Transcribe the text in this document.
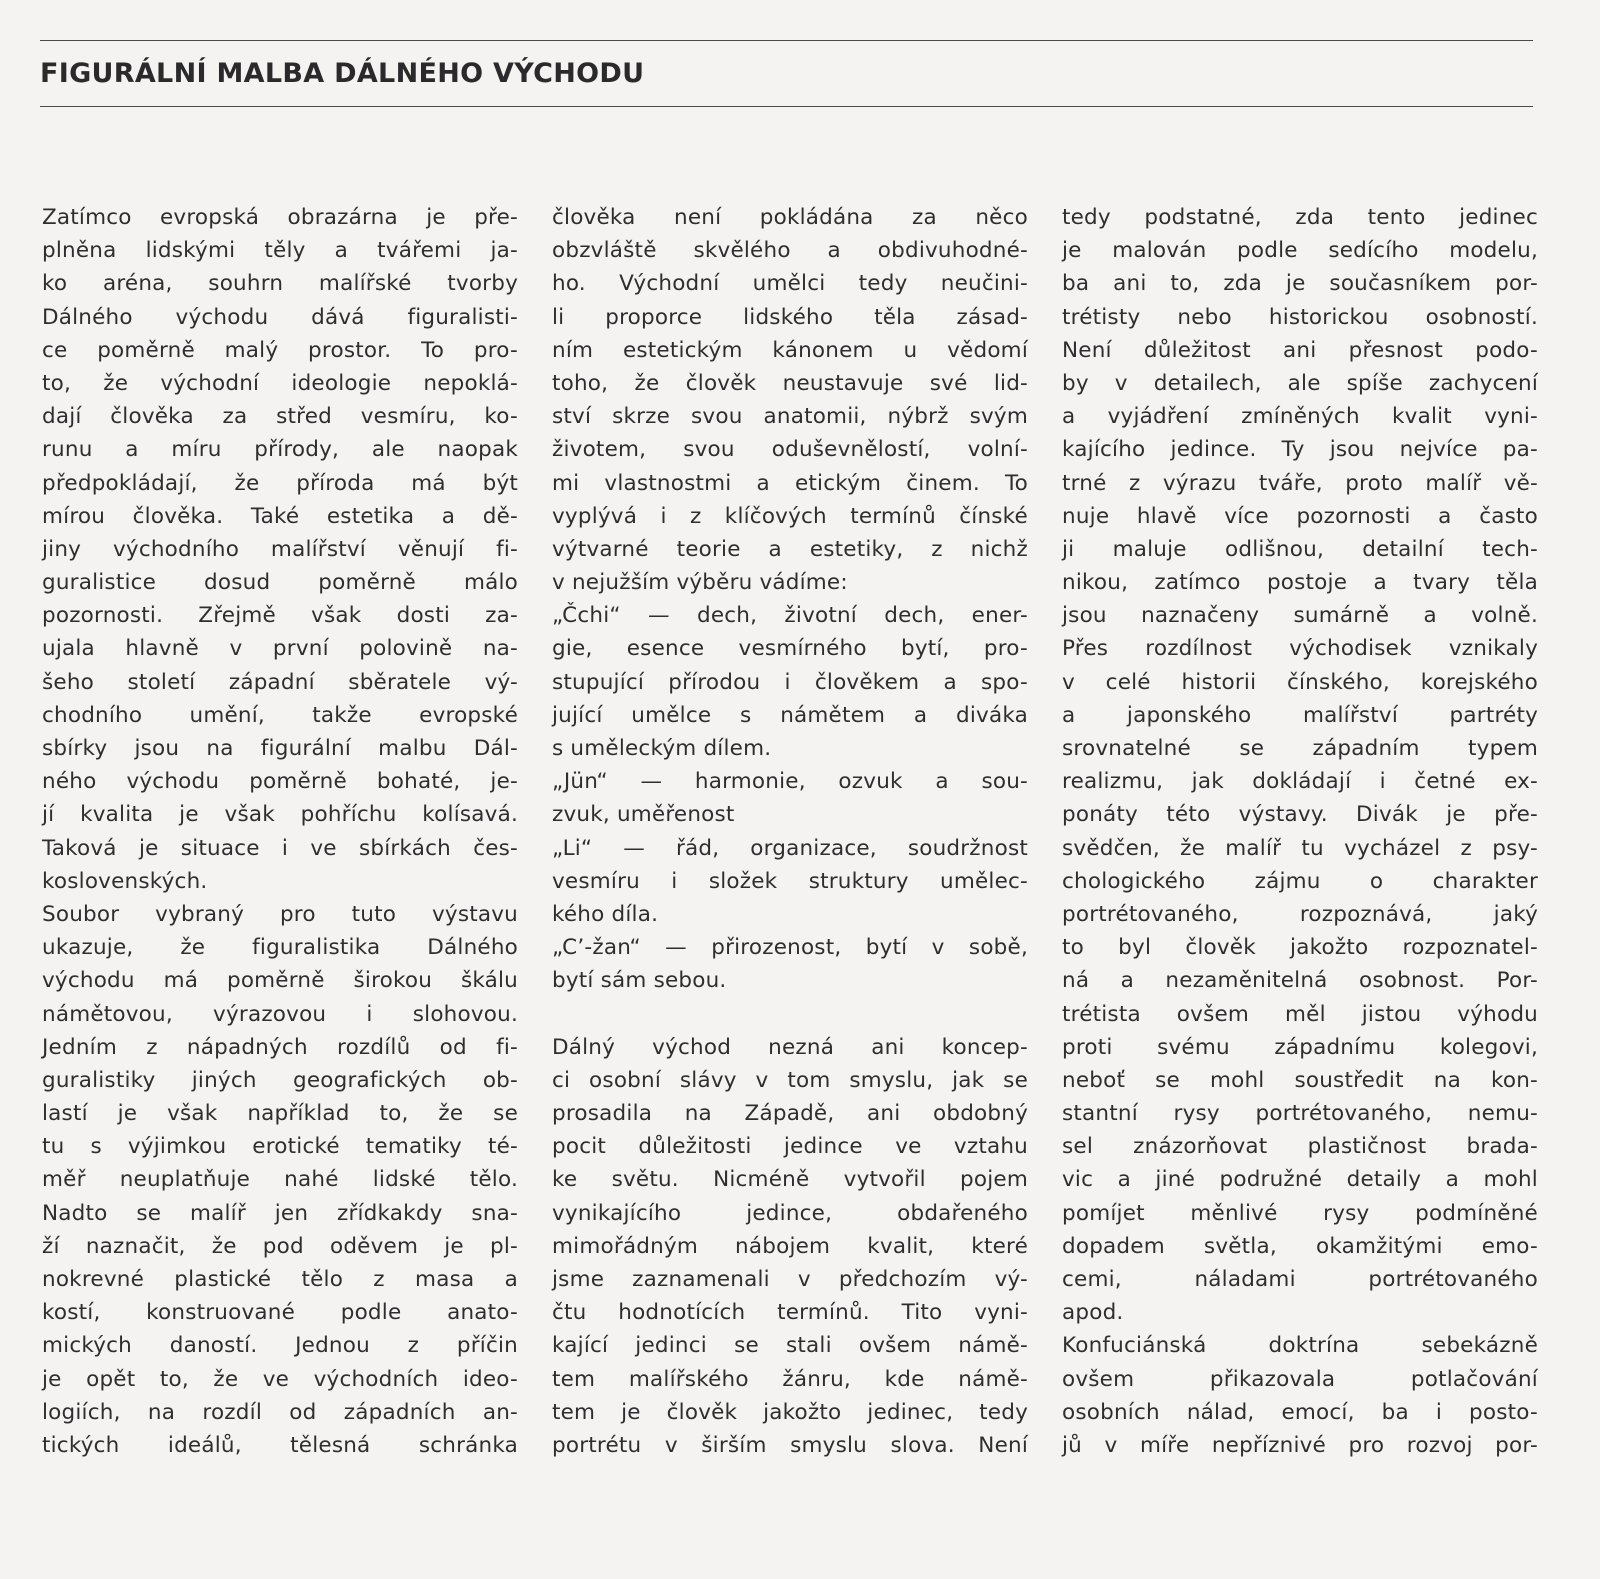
FIGURÁLNÍ MALBA DÁLNÉHO VÝCHODU
Zatímco evropská obrazárna je pře-
plněna lidskými těly a tvářemi ja-
ko aréna, souhrn malířské tvorby
Dálného východu dává figuralisti-
ce poměrně malý prostor. To pro-
to, že východní ideologie nepoklá-
dají člověka za střed vesmíru, ko-
runu a míru přírody, ale naopak
předpokládají, že příroda má být
mírou člověka. Také estetika a dě-
jiny východního malířství věnují fi-
guralistice dosud poměrně málo
pozornosti. Zřejmě však dosti za-
ujala hlavně v první polovině na-
šeho století západní sběratele vý-
chodního umění, takže evropské
sbírky jsou na figurální malbu Dál-
ného východu poměrně bohaté, je-
jí kvalita je však pohříchu kolísavá.
Taková je situace i ve sbírkách čes-
koslovenských.
Soubor vybraný pro tuto výstavu
ukazuje, že figuralistika Dálného
východu má poměrně širokou škálu
námětovou, výrazovou i slohovou.
Jedním z nápadných rozdílů od fi-
guralistiky jiných geografických ob-
lastí je však například to, že se
tu s výjimkou erotické tematiky té-
měř neuplatňuje nahé lidské tělo.
Nadto se malíř jen zřídkakdy sna-
ží naznačit, že pod oděvem je pl-
nokrevné plastické tělo z masa a
kostí, konstruované podle anato-
mických daností. Jednou z příčin
je opět to, že ve východních ideo-
logiích, na rozdíl od západních an-
tických ideálů, tělesná schránka
člověka není pokládána za něco
obzvláště skvělého a obdivuhodné-
ho. Východní umělci tedy neučini-
li proporce lidského těla zásad-
ním estetickým kánonem u vědomí
toho, že člověk neustavuje své lid-
ství skrze svou anatomii, nýbrž svým
životem, svou oduševnělostí, volní-
mi vlastnostmi a etickým činem. To
vyplývá i z klíčových termínů čínské
výtvarné teorie a estetiky, z nichž
v nejužším výběru vádíme:
„Čchi“ — dech, životní dech, ener-
gie, esence vesmírného bytí, pro-
stupující přírodou i člověkem a spo-
jující umělce s námětem a diváka
s uměleckým dílem.
„Jün“ — harmonie, ozvuk a sou-
zvuk, uměřenost
„Li“ — řád, organizace, soudržnost
vesmíru i složek struktury umělec-
kého díla.
„C’-žan“ — přirozenost, bytí v sobě,
bytí sám sebou.
Dálný východ nezná ani koncep-
ci osobní slávy v tom smyslu, jak se
prosadila na Západě, ani obdobný
pocit důležitosti jedince ve vztahu
ke světu. Nicméně vytvořil pojem
vynikajícího jedince, obdařeného
mimořádným nábojem kvalit, které
jsme zaznamenali v předchozím vý-
čtu hodnotících termínů. Tito vyni-
kající jedinci se stali ovšem námě-
tem malířského žánru, kde námě-
tem je člověk jakožto jedinec, tedy
portrétu v širším smyslu slova. Není
tedy podstatné, zda tento jedinec
je malován podle sedícího modelu,
ba ani to, zda je současníkem por-
trétisty nebo historickou osobností.
Není důležitost ani přesnost podo-
by v detailech, ale spíše zachycení
a vyjádření zmíněných kvalit vyni-
kajícího jedince. Ty jsou nejvíce pa-
trné z výrazu tváře, proto malíř vě-
nuje hlavě více pozornosti a často
ji maluje odlišnou, detailní tech-
nikou, zatímco postoje a tvary těla
jsou naznačeny sumárně a volně.
Přes rozdílnost východisek vznikaly
v celé historii čínského, korejského
a japonského malířství partréty
srovnatelné se západním typem
realizmu, jak dokládají i četné ex-
ponáty této výstavy. Divák je pře-
svědčen, že malíř tu vycházel z psy-
chologického zájmu o charakter
portrétovaného, rozpoznává, jaký
to byl člověk jakožto rozpoznatel-
ná a nezaměnitelná osobnost. Por-
trétista ovšem měl jistou výhodu
proti svému západnímu kolegovi,
neboť se mohl soustředit na kon-
stantní rysy portrétovaného, nemu-
sel znázorňovat plastičnost brada-
vic a jiné podružné detaily a mohl
pomíjet měnlivé rysy podmíněné
dopadem světla, okamžitými emo-
cemi, náladami portrétovaného
apod.
Konfuciánská doktrína sebekázně
ovšem přikazovala potlačování
osobních nálad, emocí, ba i posto-
jů v míře nepříznivé pro rozvoj por-
